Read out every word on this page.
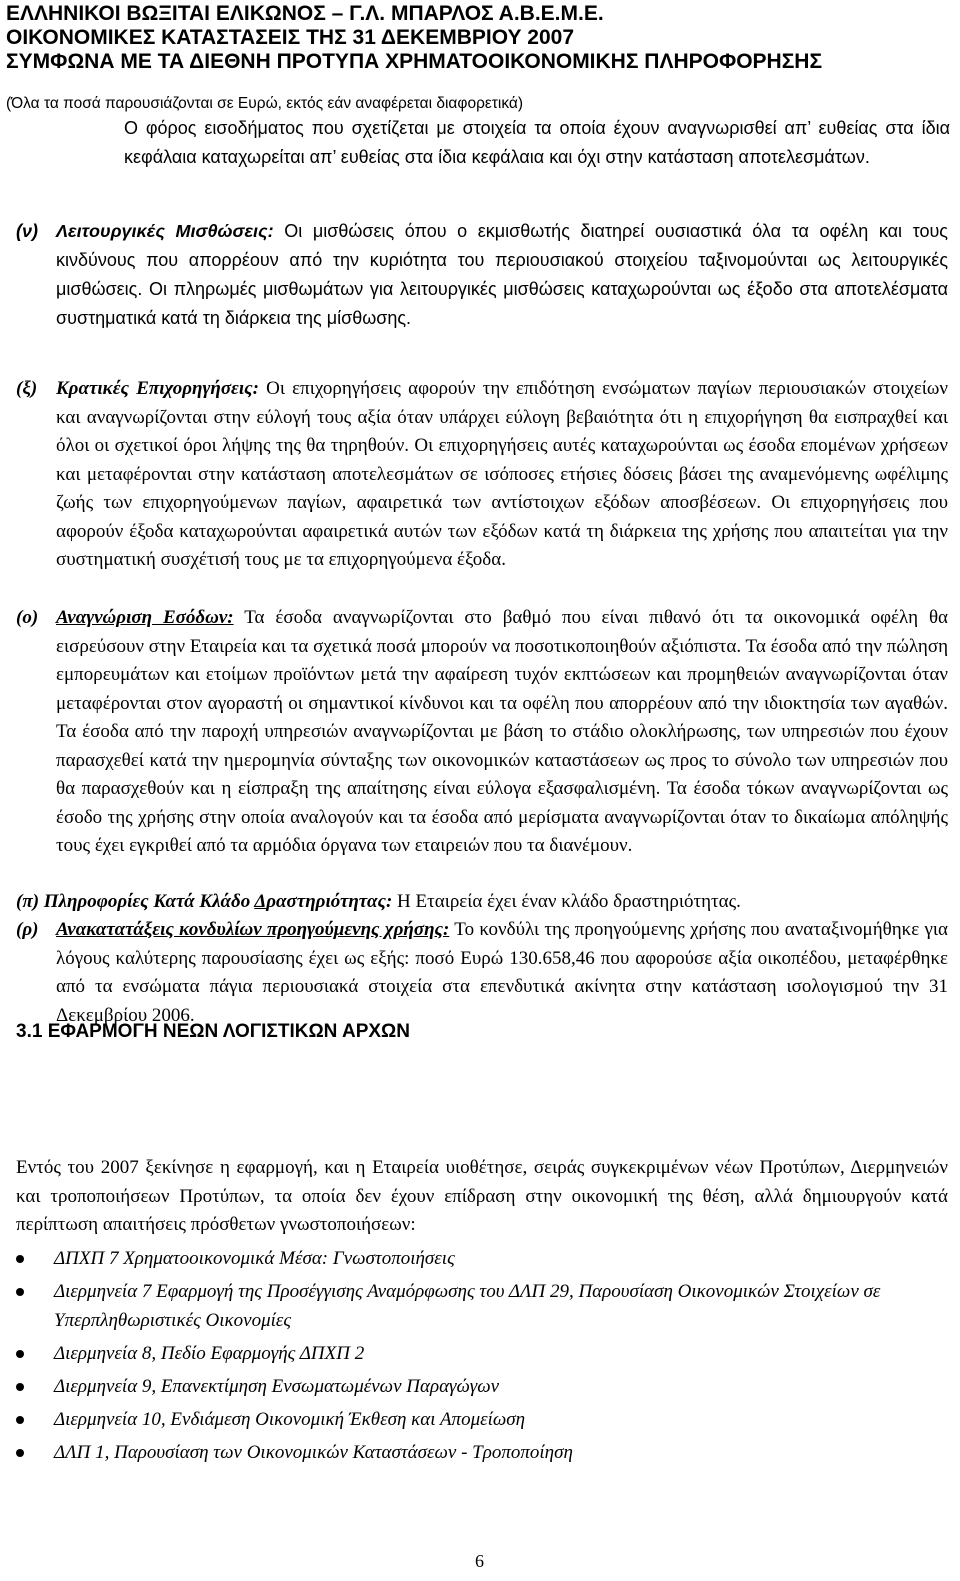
ΕΛΛΗΝΙΚΟΙ ΒΩΞΙΤΑΙ ΕΛΙΚΩΝΟΣ – Γ.Λ. ΜΠΑΡΛΟΣ Α.Β.Ε.Μ.Ε.
ΟΙΚΟΝΟΜΙΚΕΣ ΚΑΤΑΣΤΑΣΕΙΣ ΤΗΣ 31 ΔΕΚΕΜΒΡΙΟΥ 2007
ΣΥΜΦΩΝΑ ΜΕ ΤΑ ΔΙΕΘΝΗ ΠΡΟΤΥΠΑ ΧΡΗΜΑΤΟΟΙΚΟΝΟΜΙΚΗΣ ΠΛΗΡΟΦΟΡΗΣΗΣ
(Όλα τα ποσά παρουσιάζονται σε Ευρώ, εκτός εάν αναφέρεται διαφορετικά)
Ο φόρος εισοδήματος που σχετίζεται με στοιχεία τα οποία έχουν αναγνωρισθεί απ’ ευθείας στα ίδια κεφάλαια καταχωρείται απ’ ευθείας στα ίδια κεφάλαια και όχι στην κατάσταση αποτελεσμάτων.
(ν)	Λειτουργικές Μισθώσεις: Οι μισθώσεις όπου ο εκμισθωτής διατηρεί ουσιαστικά όλα τα οφέλη και τους κινδύνους που απορρέουν από την κυριότητα του περιουσιακού στοιχείου ταξινομούνται ως λειτουργικές μισθώσεις. Οι πληρωμές μισθωμάτων για λειτουργικές μισθώσεις καταχωρούνται ως έξοδο στα αποτελέσματα συστηματικά κατά τη διάρκεια της μίσθωσης.
(ξ) Κρατικές Επιχορηγήσεις: Οι επιχορηγήσεις αφορούν την επιδότηση ενσώματων παγίων περιουσιακών στοιχείων και αναγνωρίζονται στην εύλογή τους αξία όταν υπάρχει εύλογη βεβαιότητα ότι η επιχορήγηση θα εισπραχθεί και όλοι οι σχετικοί όροι λήψης της θα τηρηθούν. Οι επιχορηγήσεις αυτές καταχωρούνται ως έσοδα επομένων χρήσεων και μεταφέρονται στην κατάσταση αποτελεσμάτων σε ισόποσες ετήσιες δόσεις βάσει της αναμενόμενης ωφέλιμης ζωής των επιχορηγούμενων παγίων, αφαιρετικά των αντίστοιχων εξόδων αποσβέσεων. Οι επιχορηγήσεις που αφορούν έξοδα καταχωρούνται αφαιρετικά αυτών των εξόδων κατά τη διάρκεια της χρήσης που απαιτείται για την συστηματική συσχέτισή τους με τα επιχορηγούμενα έξοδα.
(ο) Αναγνώριση Εσόδων: Τα έσοδα αναγνωρίζονται στο βαθμό που είναι πιθανό ότι τα οικονομικά οφέλη θα εισρεύσουν στην Εταιρεία και τα σχετικά ποσά μπορούν να ποσοτικοποιηθούν αξιόπιστα. Τα έσοδα από την πώληση εμπορευμάτων και ετοίμων προϊόντων μετά την αφαίρεση τυχόν εκπτώσεων και προμηθειών αναγνωρίζονται όταν μεταφέρονται στον αγοραστή οι σημαντικοί κίνδυνοι και τα οφέλη που απορρέουν από την ιδιοκτησία των αγαθών. Τα έσοδα από την παροχή υπηρεσιών αναγνωρίζονται με βάση το στάδιο ολοκλήρωσης, των υπηρεσιών που έχουν παρασχεθεί κατά την ημερομηνία σύνταξης των οικονομικών καταστάσεων ως προς το σύνολο των υπηρεσιών που θα παρασχεθούν και η είσπραξη της απαίτησης είναι εύλογα εξασφαλισμένη. Τα έσοδα τόκων αναγνωρίζονται ως έσοδο της χρήσης στην οποία αναλογούν και τα έσοδα από μερίσματα αναγνωρίζονται όταν το δικαίωμα απόληψής τους έχει εγκριθεί από τα αρμόδια όργανα των εταιρειών που τα διανέμουν.
(π) Πληροφορίες Κατά Κλάδο Δραστηριότητας: Η Εταιρεία έχει έναν κλάδο δραστηριότητας.
(ρ) Ανακατατάξεις κονδυλίων προηγούμενης χρήσης: Το κονδύλι της προηγούμενης χρήσης που αναταξινομήθηκε για λόγους καλύτερης παρουσίασης έχει ως εξής: ποσό Ευρώ 130.658,46 που αφορούσε αξία οικοπέδου, μεταφέρθηκε από τα ενσώματα πάγια περιουσιακά στοιχεία στα επενδυτικά ακίνητα στην κατάσταση ισολογισμού την 31 Δεκεμβρίου 2006.
3.1 ΕΦΑΡΜΟΓΗ ΝΕΩΝ ΛΟΓΙΣΤΙΚΩΝ ΑΡΧΩΝ
Εντός του 2007 ξεκίνησε η εφαρμογή, και η Εταιρεία υιοθέτησε, σειράς συγκεκριμένων νέων Προτύπων, Διερμηνειών και τροποποιήσεων Προτύπων, τα οποία δεν έχουν επίδραση στην οικονομική της θέση, αλλά δημιουργούν κατά περίπτωση απαιτήσεις πρόσθετων γνωστοποιήσεων:
ΔΠΧΠ 7 Χρηματοοικονομικά Μέσα: Γνωστοποιήσεις
Διερμηνεία 7 Εφαρμογή της Προσέγγισης Αναμόρφωσης του ΔΛΠ 29, Παρουσίαση Οικονομικών Στοιχείων σε Υπερπληθωριστικές Οικονομίες
Διερμηνεία 8, Πεδίο Εφαρμογής ΔΠΧΠ 2
Διερμηνεία 9, Επανεκτίμηση Ενσωματωμένων Παραγώγων
Διερμηνεία 10, Ενδιάμεση Οικονομική Έκθεση και Απομείωση
ΔΛΠ 1, Παρουσίαση των Οικονομικών Καταστάσεων - Τροποποίηση
6
